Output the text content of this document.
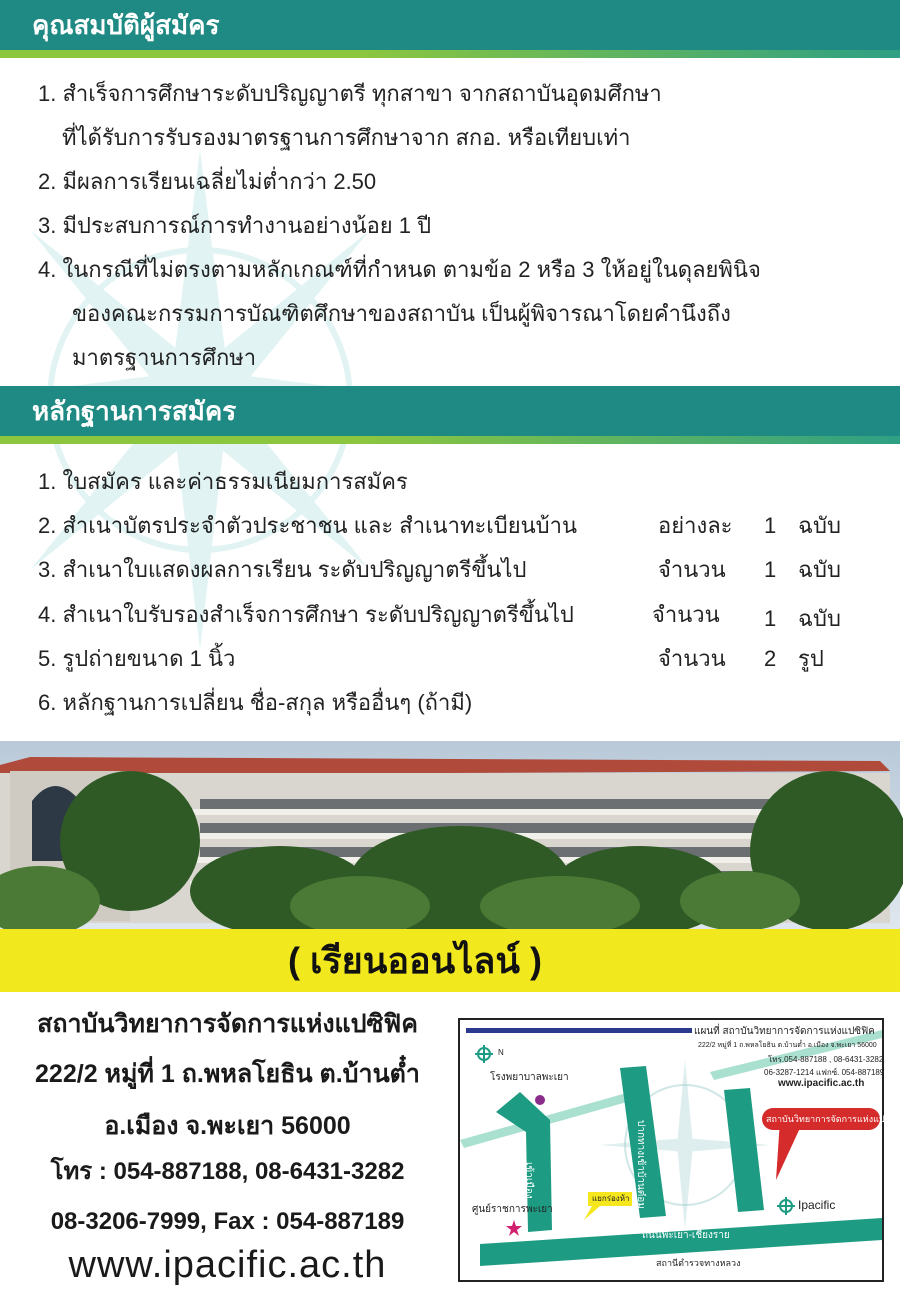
คุณสมบัติผู้สมัคร
1. สำเร็จการศึกษาระดับปริญญาตรี ทุกสาขา จากสถาบันอุดมศึกษา
ที่ได้รับการรับรองมาตรฐานการศึกษาจาก สกอ. หรือเทียบเท่า
2. มีผลการเรียนเฉลี่ยไม่ต่ำกว่า 2.50
3. มีประสบการณ์การทำงานอย่างน้อย 1 ปี
4. ในกรณีที่ไม่ตรงตามหลักเกณฑ์ที่กำหนด ตามข้อ 2 หรือ 3 ให้อยู่ในดุลยพินิจ
ของคณะกรรมการบัณฑิตศึกษาของสถาบัน เป็นผู้พิจารณาโดยคำนึงถึง
มาตรฐานการศึกษา
หลักฐานการสมัคร
1. ใบสมัคร และค่าธรรมเนียมการสมัคร
2. สำเนาบัตรประจำตัวประชาชน และ สำเนาทะเบียนบ้าน	อย่างละ 1 ฉบับ
3. สำเนาใบแสดงผลการเรียน ระดับปริญญาตรีขึ้นไป	จำนวน 1 ฉบับ
4. สำเนาใบรับรองสำเร็จการศึกษา ระดับปริญญาตรีขึ้นไป	จำนวน 1 ฉบับ
5. รูปถ่ายขนาด 1 นิ้ว	จำนวน 2 รูป
6. หลักฐานการเปลี่ยน ชื่อ-สกุล หรืออื่นๆ (ถ้ามี)
( เรียนออนไลน์ )
สถาบันวิทยาการจัดการแห่งแปซิฟิค
222/2 หมู่ที่ 1 ถ.พหลโยธิน ต.บ้านต๋ำ
อ.เมือง จ.พะเยา 56000
โทร : 054-887188, 08-6431-3282
08-3206-7999, Fax : 054-887189
www.ipacific.ac.th
แผนที่ สถาบันวิทยาการจัดการแห่งแปซิฟิค
222/2 หมู่ที่ 1 ถ.พหลโยธิน ต.บ้านต๋ำ อ.เมือง จ.พะเยา 56000
โทร.054-887188 , 08-6431-3282
06-3287-1214 แฟกซ์. 054-887189
www.ipacific.ac.th
N
โรงพยาบาลพะเยา
เข้าเมือง	ปากทางเข้าบ้านต๋อม
สถาบันวิทยาการจัดการแห่งแปซิฟิค
Ipacific
แยกร่องห้า
ศูนย์ราชการพะเยา
ถนนพะเยา-เชียงราย
สถานีตำรวจทางหลวง
